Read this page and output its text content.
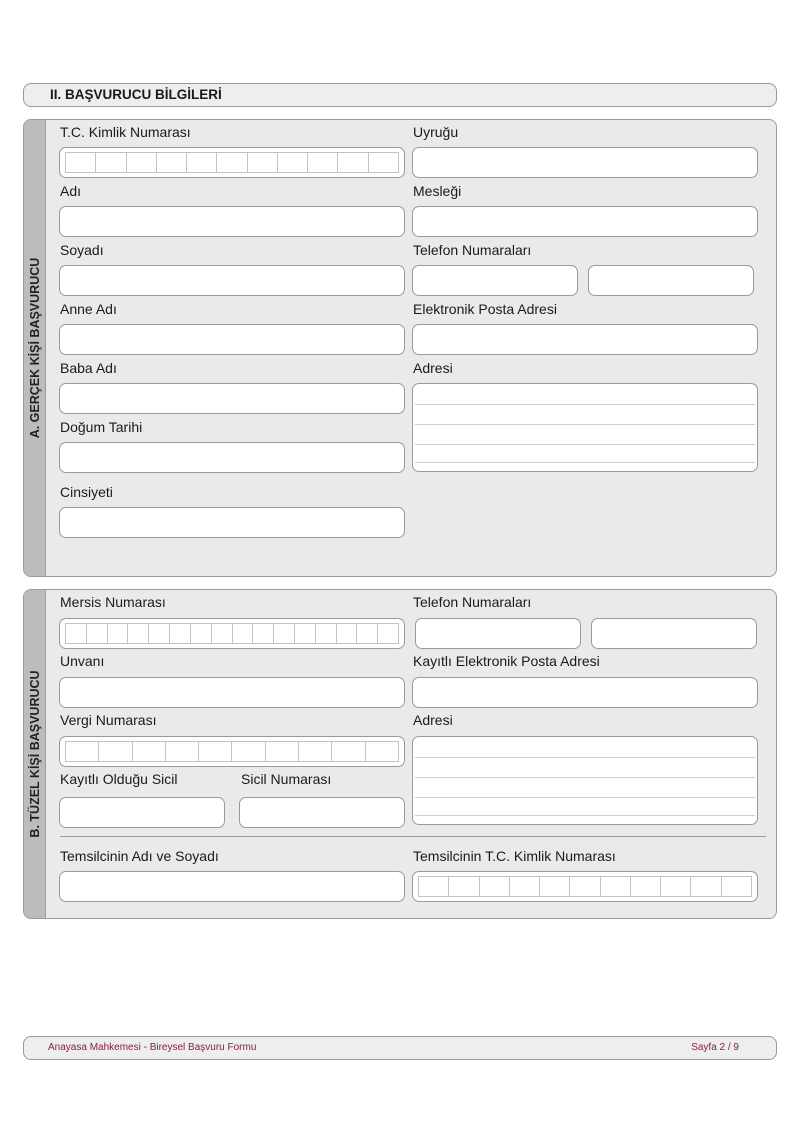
II. BAŞVURUCU BİLGİLERİ
A. GERÇEK KİŞİ BAŞVURUCU
T.C. Kimlik Numarası	Uyruğu
Adı	Mesleği
Soyadı	Telefon Numaraları
Anne Adı	Elektronik Posta Adresi
Baba Adı	Adresi
Doğum Tarihi
Cinsiyeti
B. TÜZEL KİŞİ BAŞVURUCU
Mersis Numarası	Telefon Numaraları
Unvanı	Kayıtlı Elektronik Posta Adresi
Vergi Numarası	Adresi
Kayıtlı Olduğu Sicil	Sicil Numarası
Temsilcinin Adı ve Soyadı	Temsilcinin T.C. Kimlik Numarası
Anayasa Mahkemesi - Bireysel Başvuru Formu	Sayfa 2 / 9
